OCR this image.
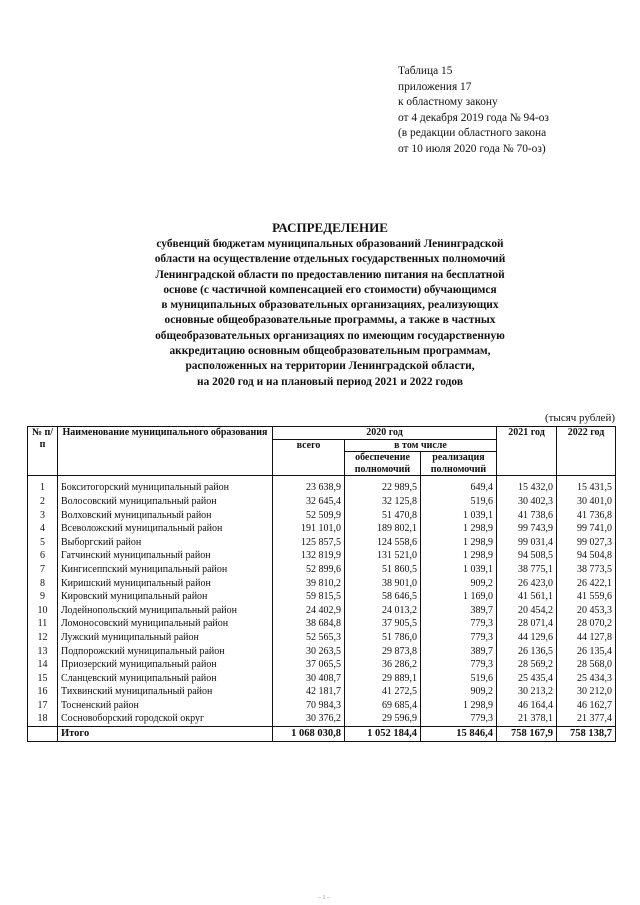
Таблица 15
приложения 17
к областному закону
от 4 декабря 2019 года № 94-оз
(в редакции областного закона
от 10 июля 2020 года № 70-оз)
РАСПРЕДЕЛЕНИЕ
субвенций бюджетам муниципальных образований Ленинградской
области на осуществление отдельных государственных полномочий
Ленинградской области по предоставлению питания на бесплатной
основе (с частичной компенсацией его стоимости) обучающимся
в муниципальных образовательных организациях, реализующих
основные общеобразовательные программы, а также в частных
общеобразовательных организациях по имеющим государственную
аккредитацию основным общеобразовательным программам,
расположенных на территории Ленинградской области,
на 2020 год и на плановый период 2021 и 2022 годов
(тысяч рублей)
№ п/п	Наименование муниципального образования	2020 год			2021 год	2022 год
		всего	в том числе			
			обеспечение полномочий	реализация полномочий		
1	Бокситогорский муниципальный район	23 638,9	22 989,5	649,4	15 432,0	15 431,5
2	Волосовский муниципальный район	32 645,4	32 125,8	519,6	30 402,3	30 401,0
3	Волховский муниципальный район	52 509,9	51 470,8	1 039,1	41 738,6	41 736,8
4	Всеволожский муниципальный район	191 101,0	189 802,1	1 298,9	99 743,9	99 741,0
5	Выборгский район	125 857,5	124 558,6	1 298,9	99 031,4	99 027,3
6	Гатчинский муниципальный район	132 819,9	131 521,0	1 298,9	94 508,5	94 504,8
7	Кингисеппский муниципальный район	52 899,6	51 860,5	1 039,1	38 775,1	38 773,5
8	Киришский муниципальный район	39 810,2	38 901,0	909,2	26 423,0	26 422,1
9	Кировский муниципальный район	59 815,5	58 646,5	1 169,0	41 561,1	41 559,6
10	Лодейнопольский муниципальный район	24 402,9	24 013,2	389,7	20 454,2	20 453,3
11	Ломоносовский муниципальный район	38 684,8	37 905,5	779,3	28 071,4	28 070,2
12	Лужский муниципальный район	52 565,3	51 786,0	779,3	44 129,6	44 127,8
13	Подпорожский муниципальный район	30 263,5	29 873,8	389,7	26 136,5	26 135,4
14	Приозерский муниципальный район	37 065,5	36 286,2	779,3	28 569,2	28 568,0
15	Сланцевский муниципальный район	30 408,7	29 889,1	519,6	25 435,4	25 434,3
16	Тихвинский муниципальный район	42 181,7	41 272,5	909,2	30 213,2	30 212,0
17	Тосненский район	70 984,3	69 685,4	1 298,9	46 164,4	46 162,7
18	Сосновоборский городской округ	30 376,2	29 596,9	779,3	21 378,1	21 377,4
	Итого	1 068 030,8	1 052 184,4	15 846,4	758 167,9	758 138,7
– 1 –
